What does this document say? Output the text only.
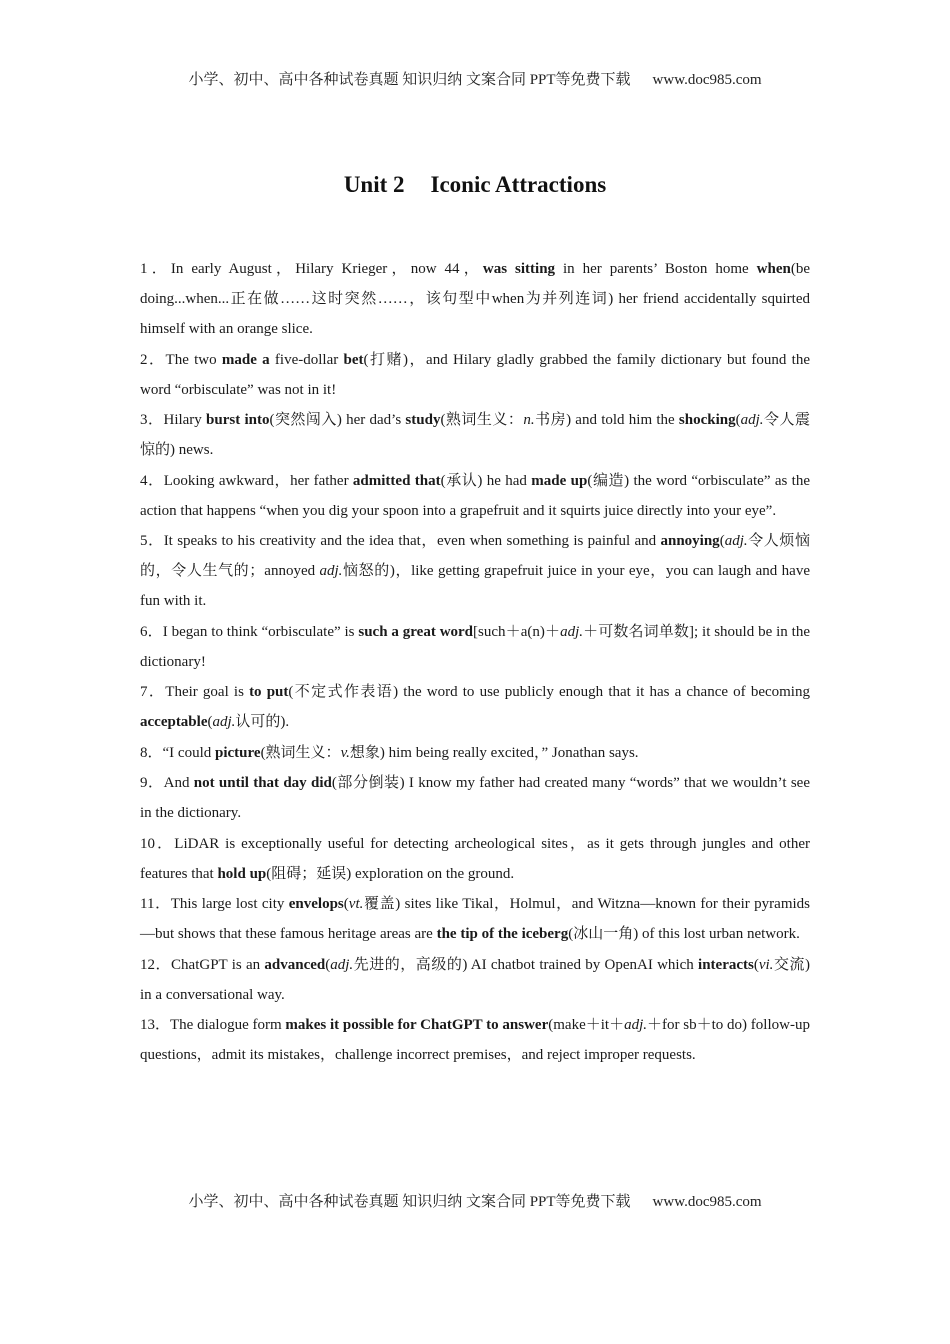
小学、初中、高中各种试卷真题 知识归纳 文案合同 PPT等免费下载 www.doc985.com
Unit 2 Iconic Attractions

1．In early August，Hilary Krieger，now 44，was sitting in her parents’ Boston home when(be doing...when...正在做……这时突然……，该句型中when为并列连词) her friend accidentally squirted himself with an orange slice.

2．The two made a five-dollar bet(打赌)，and Hilary gladly grabbed the family dictionary but found the word “orbisculate” was not in it!

3．Hilary burst into(突然闯入) her dad’s study(熟词生义：n.书房) and told him the shocking(adj.令人震惊的) news.

4．Looking awkward，her father admitted that(承认) he had made up(编造) the word “orbisculate” as the action that happens “when you dig your spoon into a grapefruit and it squirts juice directly into your eye”.

5．It speaks to his creativity and the idea that，even when something is painful and annoying(adj.令人烦恼的，令人生气的；annoyed adj.恼怒的)，like getting grapefruit juice in your eye，you can laugh and have fun with it.

6．I began to think “orbisculate” is such a great word[such＋a(n)＋adj.＋可数名词单数]; it should be in the dictionary!

7．Their goal is to put(不定式作表语) the word to use publicly enough that it has a chance of becoming acceptable(adj.认可的).

8．“I could picture(熟词生义：v.想象) him being really excited，” Jonathan says.

9．And not until that day did(部分倒装) I know my father had created many “words” that we wouldn’t see in the dictionary.

10．LiDAR is exceptionally useful for detecting archeological sites，as it gets through jungles and other features that hold up(阻碍；延误) exploration on the ground.

11．This large lost city envelops(vt.覆盖) sites like Tikal，Holmul，and Witzna—known for their pyramids—but shows that these famous heritage areas are the tip of the iceberg(冰山一角) of this lost urban network.

12．ChatGPT is an advanced(adj.先进的，高级的) AI chatbot trained by OpenAI which interacts(vi.交流) in a conversational way.

13．The dialogue form makes it possible for ChatGPT to answer(make＋it＋adj.＋for sb＋to do) follow-up questions，admit its mistakes，challenge incorrect premises，and reject improper requests.

小学、初中、高中各种试卷真题 知识归纳 文案合同 PPT等免费下载 www.doc985.com
